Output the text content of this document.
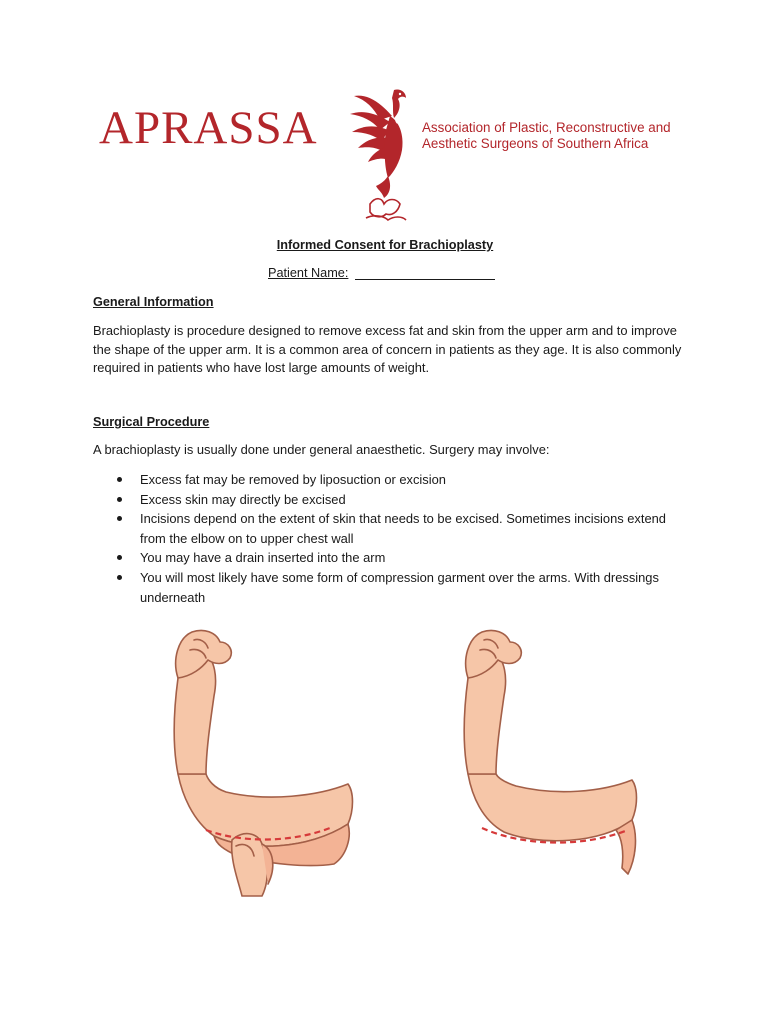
APRASSA	Association of Plastic, Reconstructive and
Aesthetic Surgeons of Southern Africa
Informed Consent for Brachioplasty
Patient Name:
General Information

Brachioplasty is procedure designed to remove excess fat and skin from the upper arm and to improve the shape of the upper arm. It is a common area of concern in patients as they age. It is also commonly required in patients who have lost large amounts of weight.

Surgical Procedure

A brachioplasty is usually done under general anaesthetic. Surgery may involve:

Excess fat may be removed by liposuction or excision
Excess skin may directly be excised
Incisions depend on the extent of skin that needs to be excised. Sometimes incisions extend from the elbow on to upper chest wall
You may have a drain inserted into the arm
You will most likely have some form of compression garment over the arms. With dressings underneath
